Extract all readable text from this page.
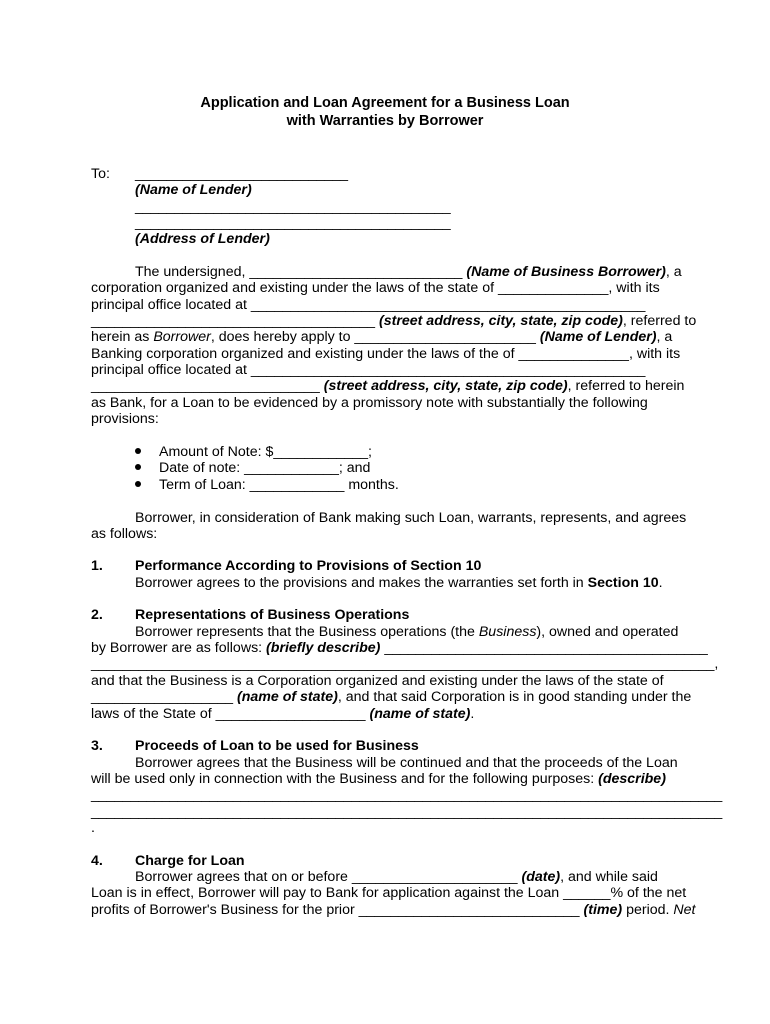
Application and Loan Agreement for a Business Loan
with Warranties by Borrower

To: ___________________________

(Name of Lender)

________________________________________

________________________________________

(Address of Lender)

The undersigned, ___________________________ (Name of Business Borrower), a

corporation organized and existing under the laws of the state of ______________, with its

principal office located at __________________________________________________

____________________________________ (street address, city, state, zip code), referred to

herein as Borrower, does hereby apply to _______________________ (Name of Lender), a

Banking corporation organized and existing under the laws of the of ______________, with its

principal office located at __________________________________________________

_____________________________ (street address, city, state, zip code), referred to herein

as Bank, for a Loan to be evidenced by a promissory note with substantially the following

provisions:

Amount of Note: $____________;

Date of note: ____________; and

Term of Loan: ____________ months.

Borrower, in consideration of Bank making such Loan, warrants, represents, and agrees

as follows:

1. Performance According to Provisions of Section 10

Borrower agrees to the provisions and makes the warranties set forth in Section 10.

2. Representations of Business Operations

Borrower represents that the Business operations (the Business), owned and operated

by Borrower are as follows: (briefly describe) _________________________________________

_______________________________________________________________________________,

and that the Business is a Corporation organized and existing under the laws of the state of

__________________ (name of state), and that said Corporation is in good standing under the

laws of the State of ___________________ (name of state).

3. Proceeds of Loan to be used for Business

Borrower agrees that the Business will be continued and that the proceeds of the Loan

will be used only in connection with the Business and for the following purposes: (describe)

________________________________________________________________________________

________________________________________________________________________________

.

4. Charge for Loan

Borrower agrees that on or before _____________________ (date), and while said

Loan is in effect, Borrower will pay to Bank for application against the Loan ______% of the net

profits of Borrower's Business for the prior ____________________________ (time) period. Net
